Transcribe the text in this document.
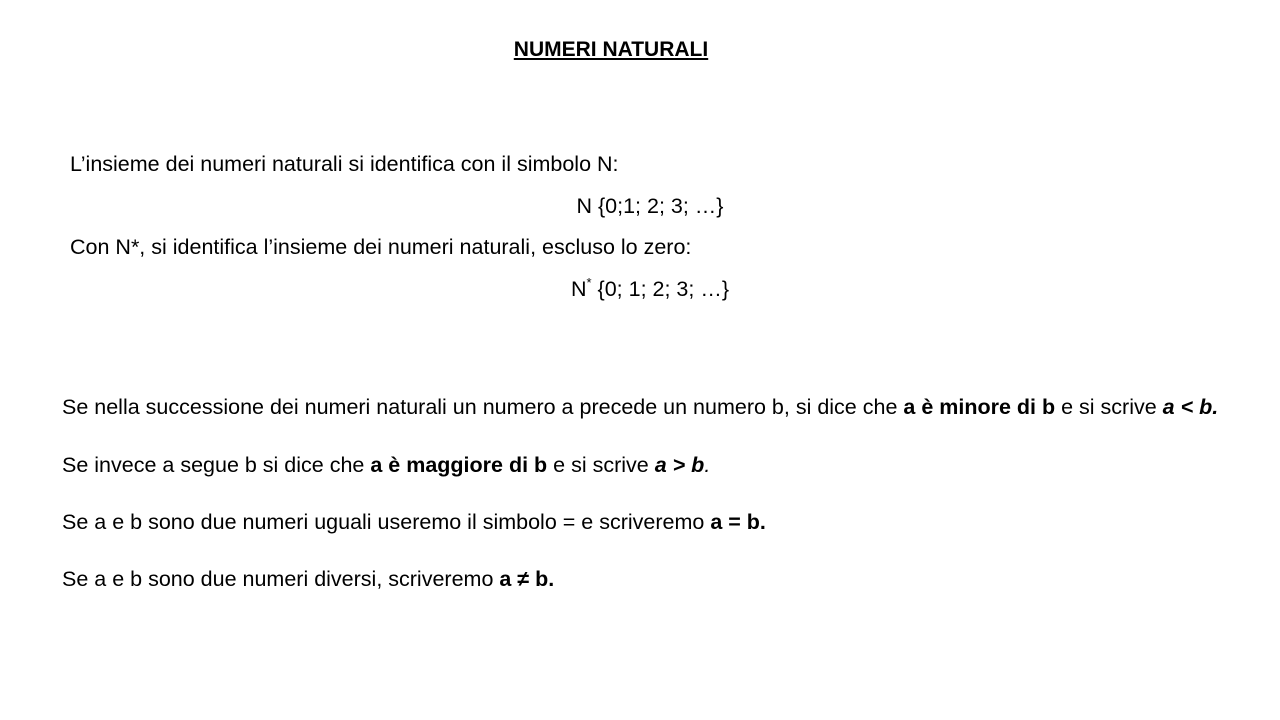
NUMERI NATURALI
L’insieme dei numeri naturali si identifica con il simbolo N:
N {0;1; 2; 3; …}
Con N*, si identifica l’insieme dei numeri naturali, escluso lo zero:
N* {0; 1; 2; 3; …}
Se nella successione dei numeri naturali un numero a precede un numero b, si dice che a è minore di b e si scrive a < b.
Se invece a segue b si dice che a è maggiore di b e si scrive a > b.
Se a e b sono due numeri uguali useremo il simbolo = e scriveremo a = b.
Se a e b sono due numeri diversi, scriveremo a ≠ b.
